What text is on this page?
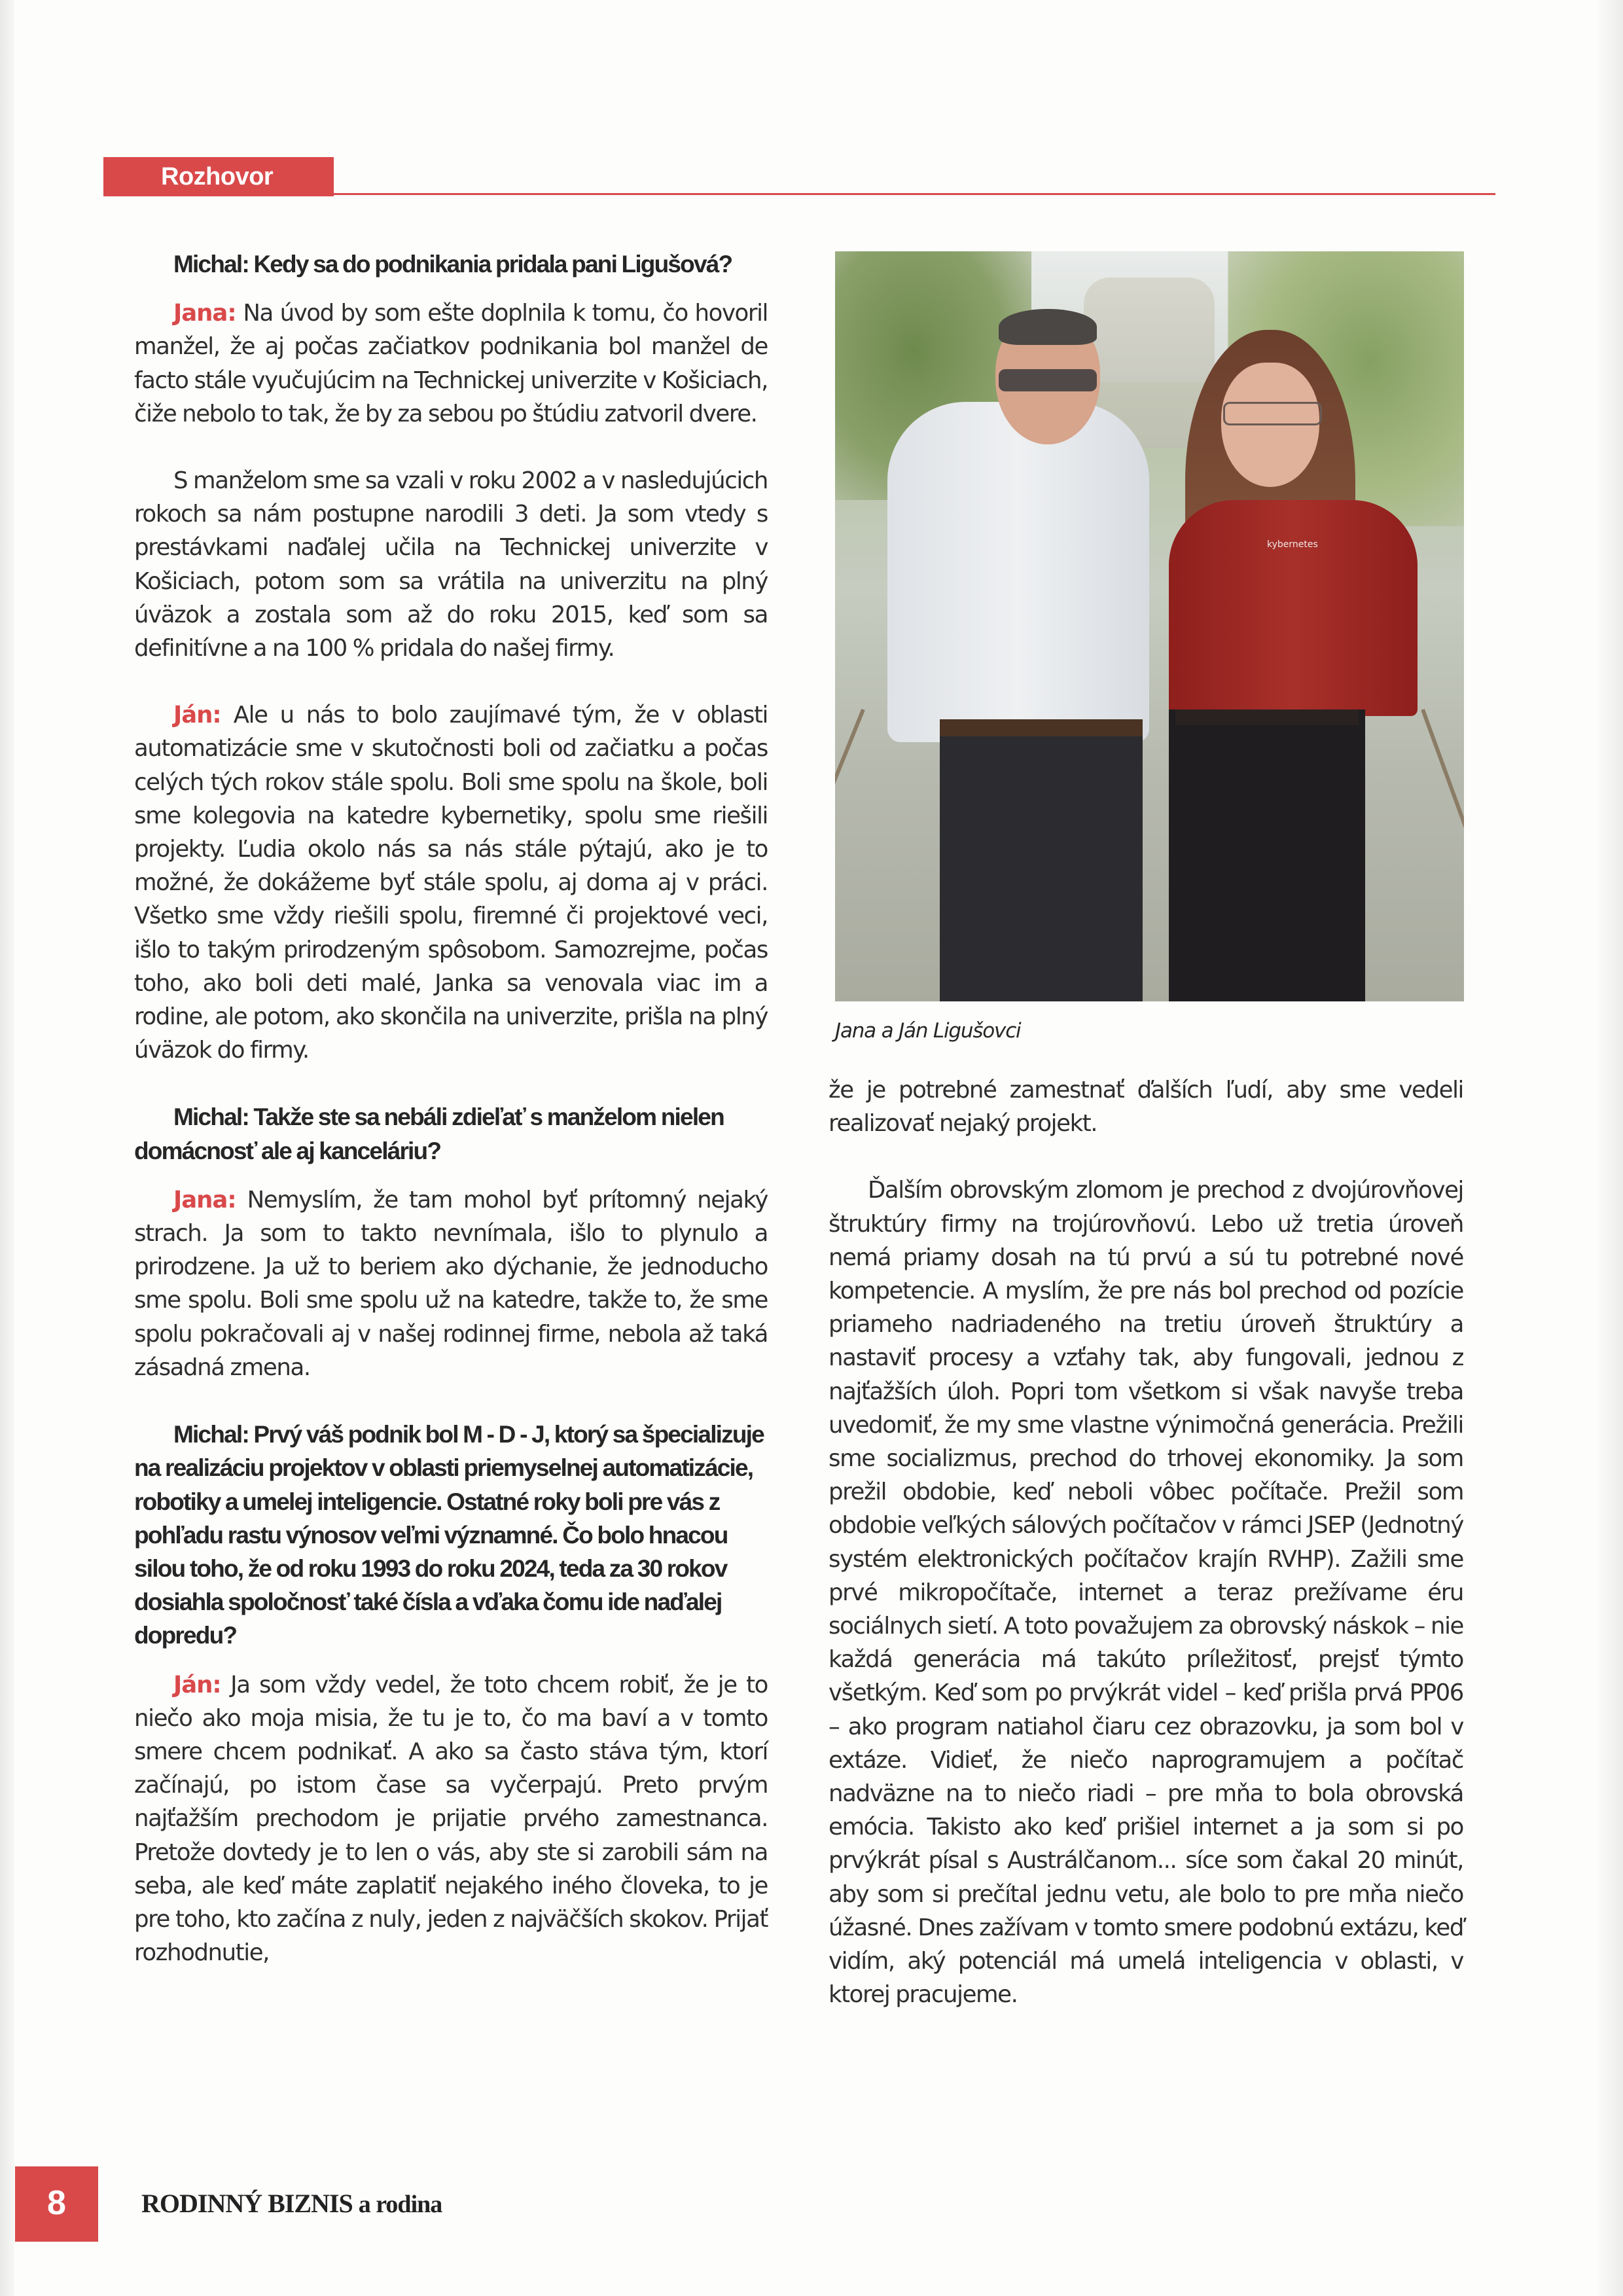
Rozhovor

Michal: Kedy sa do podnikania pridala pani Ligušová?

Jana: Na úvod by som ešte doplnila k tomu, čo hovoril manžel, že aj počas začiatkov podnikania bol manžel de facto stále vyučujúcim na Technickej univerzite v Košiciach, čiže nebolo to tak, že by za sebou po štúdiu zatvoril dvere.

S manželom sme sa vzali v roku 2002 a v nasledujúcich rokoch sa nám postupne narodili 3 deti. Ja som vtedy s prestávkami naďalej učila na Technickej univerzite v Košiciach, potom som sa vrátila na univerzitu na plný úväzok a zostala som až do roku 2015, keď som sa definitívne a na 100 % pridala do našej firmy.

Ján: Ale u nás to bolo zaujímavé tým, že v oblasti automatizácie sme v skutočnosti boli od začiatku a počas celých tých rokov stále spolu. Boli sme spolu na škole, boli sme kolegovia na katedre kybernetiky, spolu sme riešili projekty. Ľudia okolo nás sa nás stále pýtajú, ako je to možné, že dokážeme byť stále spolu, aj doma aj v práci. Všetko sme vždy riešili spolu, firemné či projektové veci, išlo to takým prirodzeným spôsobom. Samozrejme, počas toho, ako boli deti malé, Janka sa venovala viac im a rodine, ale potom, ako skončila na univerzite, prišla na plný úväzok do firmy.

Michal: Takže ste sa nebáli zdieľať s manželom nielen domácnosť ale aj kanceláriu?

Jana: Nemyslím, že tam mohol byť prítomný nejaký strach. Ja som to takto nevnímala, išlo to plynulo a prirodzene. Ja už to beriem ako dýchanie, že jednoducho sme spolu. Boli sme spolu už na katedre, takže to, že sme spolu pokračovali aj v našej rodinnej firme, nebola až taká zásadná zmena.

Michal: Prvý váš podnik bol M - D - J, ktorý sa špecializuje na realizáciu projektov v oblasti priemyselnej automatizácie, robotiky a umelej inteligencie. Ostatné roky boli pre vás z pohľadu rastu výnosov veľmi významné. Čo bolo hnacou silou toho, že od roku 1993 do roku 2024, teda za 30 rokov dosiahla spoločnosť také čísla a vďaka čomu ide naďalej dopredu?

Ján: Ja som vždy vedel, že toto chcem robiť, že je to niečo ako moja misia, že tu je to, čo ma baví a v tomto smere chcem podnikať. A ako sa často stáva tým, ktorí začínajú, po istom čase sa vyčerpajú. Preto prvým najťažším prechodom je prijatie prvého zamestnanca. Pretože dovtedy je to len o vás, aby ste si zarobili sám na seba, ale keď máte zaplatiť nejakého iného človeka, to je pre toho, kto začína z nuly, jeden z najväčších skokov. Prijať rozhodnutie,

kybernetes
Jana a Ján Ligušovci

že je potrebné zamestnať ďalších ľudí, aby sme vedeli realizovať nejaký projekt.

Ďalším obrovským zlomom je prechod z dvojúrovňovej štruktúry firmy na trojúrovňovú. Lebo už tretia úroveň nemá priamy dosah na tú prvú a sú tu potrebné nové kompetencie. A myslím, že pre nás bol prechod od pozície priameho nadriadeného na tretiu úroveň štruktúry a nastaviť procesy a vzťahy tak, aby fungovali, jednou z najťažších úloh. Popri tom všetkom si však navyše treba uvedomiť, že my sme vlastne výnimočná generácia. Prežili sme socializmus, prechod do trhovej ekonomiky. Ja som prežil obdobie, keď neboli vôbec počítače. Prežil som obdobie veľkých sálových počítačov v rámci JSEP (Jednotný systém elektronických počítačov krajín RVHP). Zažili sme prvé mikropočítače, internet a teraz prežívame éru sociálnych sietí. A toto považujem za obrovský náskok – nie každá generácia má takúto príležitosť, prejsť týmto všetkým. Keď som po prvýkrát videl – keď prišla prvá PP06 – ako program natiahol čiaru cez obrazovku, ja som bol v extáze. Vidieť, že niečo naprogramujem a počítač nadväzne na to niečo riadi – pre mňa to bola obrovská emócia. Takisto ako keď prišiel internet a ja som si po prvýkrát písal s Austrálčanom... síce som čakal 20 minút, aby som si prečítal jednu vetu, ale bolo to pre mňa niečo úžasné. Dnes zažívam v tomto smere podobnú extázu, keď vidím, aký potenciál má umelá inteligencia v oblasti, v ktorej pracujeme.

8	RODINNÝ BIZNIS a rodina
